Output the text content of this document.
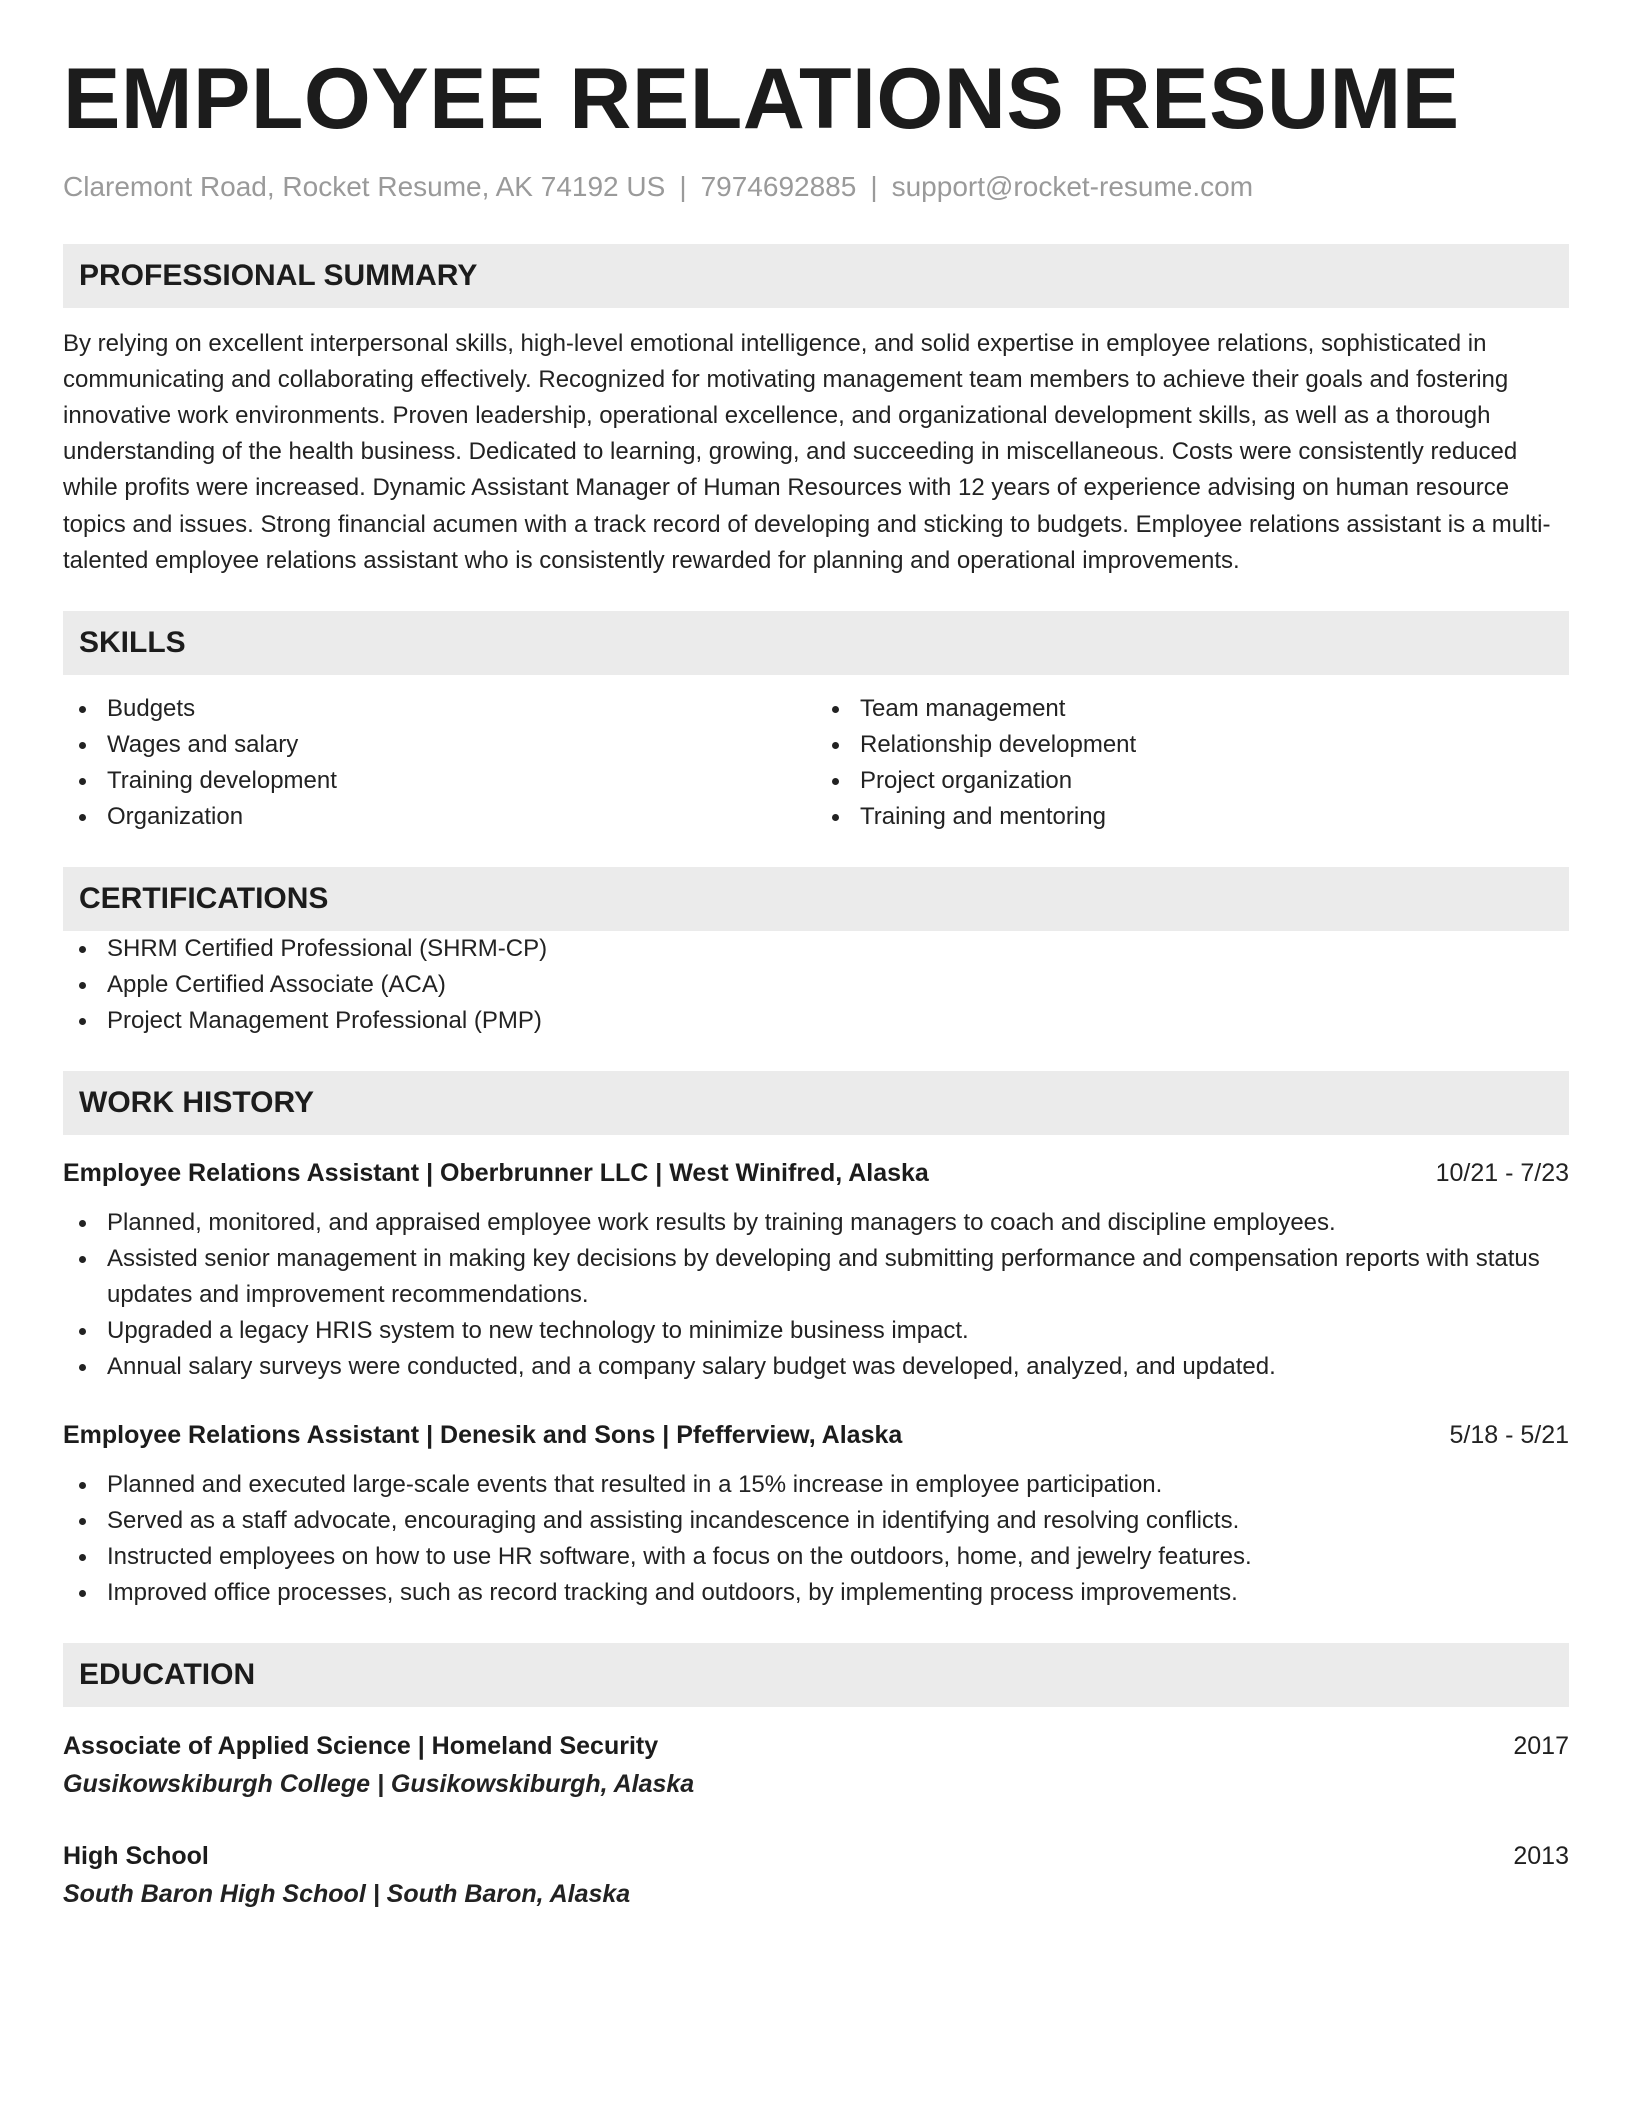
EMPLOYEE RELATIONS RESUME
Claremont Road, Rocket Resume, AK 74192 US | 7974692885 | support@rocket-resume.com
PROFESSIONAL SUMMARY

By relying on excellent interpersonal skills, high-level emotional intelligence, and solid expertise in employee relations, sophisticated in communicating and collaborating effectively. Recognized for motivating management team members to achieve their goals and fostering innovative work environments. Proven leadership, operational excellence, and organizational development skills, as well as a thorough understanding of the health business. Dedicated to learning, growing, and succeeding in miscellaneous. Costs were consistently reduced while profits were increased. Dynamic Assistant Manager of Human Resources with 12 years of experience advising on human resource topics and issues. Strong financial acumen with a track record of developing and sticking to budgets. Employee relations assistant is a multi-talented employee relations assistant who is consistently rewarded for planning and operational improvements.

SKILLS
Budgets
Wages and salary
Training development
Organization
Team management
Relationship development
Project organization
Training and mentoring
CERTIFICATIONS
SHRM Certified Professional (SHRM-CP)
Apple Certified Associate (ACA)
Project Management Professional (PMP)
WORK HISTORY
Employee Relations Assistant | Oberbrunner LLC | West Winifred, Alaska	10/21 - 7/23
Planned, monitored, and appraised employee work results by training managers to coach and discipline employees.
Assisted senior management in making key decisions by developing and submitting performance and compensation reports with status updates and improvement recommendations.
Upgraded a legacy HRIS system to new technology to minimize business impact.
Annual salary surveys were conducted, and a company salary budget was developed, analyzed, and updated.
Employee Relations Assistant | Denesik and Sons | Pfefferview, Alaska	5/18 - 5/21
Planned and executed large-scale events that resulted in a 15% increase in employee participation.
Served as a staff advocate, encouraging and assisting incandescence in identifying and resolving conflicts.
Instructed employees on how to use HR software, with a focus on the outdoors, home, and jewelry features.
Improved office processes, such as record tracking and outdoors, by implementing process improvements.
EDUCATION
Associate of Applied Science | Homeland Security	2017
Gusikowskiburgh College | Gusikowskiburgh, Alaska
High School	2013
South Baron High School | South Baron, Alaska
